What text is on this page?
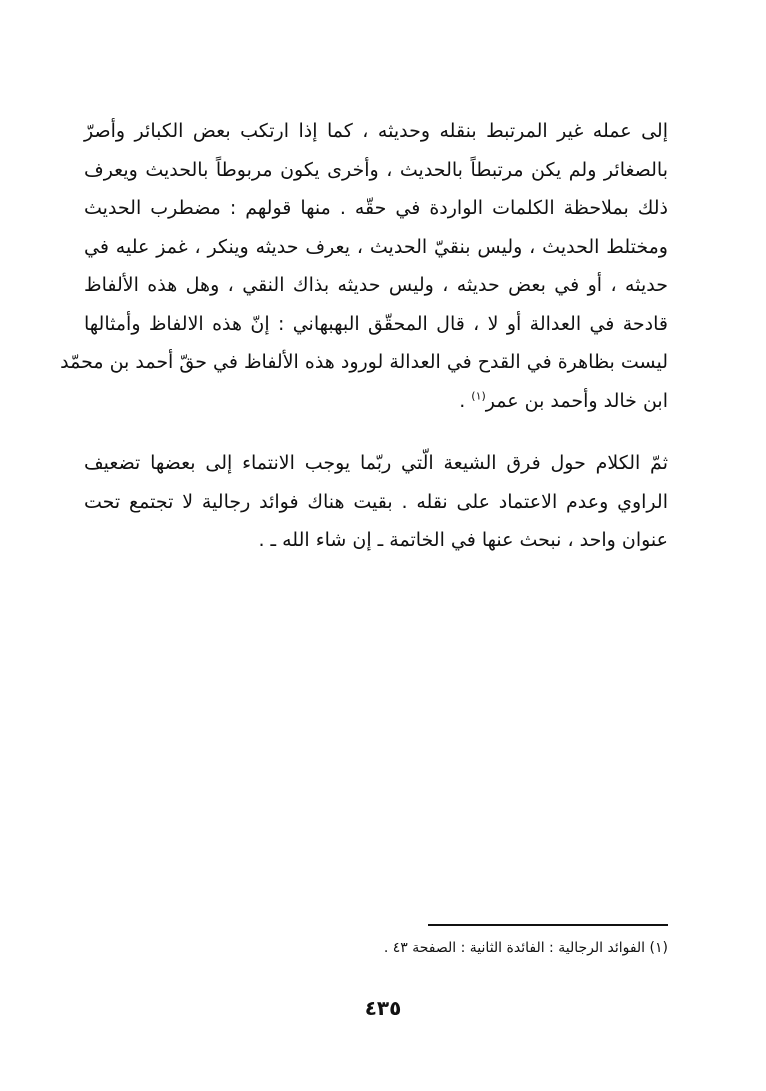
إلى عمله غير المرتبط بنقله وحديثه ، كما إذا ارتكب بعض الكبائر وأصرّ
بالصغائر ولم يكن مرتبطاً بالحديث ، وأخرى يكون مربوطاً بالحديث ويعرف
ذلك بملاحظة الكلمات الواردة في حقّه . منها قولهم : مضطرب الحديث
ومختلط الحديث ، وليس بنقيّ الحديث ، يعرف حديثه وينكر ، غمز عليه في
حديثه ، أو في بعض حديثه ، وليس حديثه بذاك النقي ، وهل هذه الألفاظ
قادحة في العدالة أو لا ، قال المحقّق البهبهاني : إنّ هذه الالفاظ وأمثالها
ليست بظاهرة في القدح في العدالة لورود هذه الألفاظ في حقّ أحمد بن محمّد
ابن خالد وأحمد بن عمر$^{(١)}$ .

ثمّ الكلام حول فرق الشيعة الّتي ربّما يوجب الانتماء إلى بعضها تضعيف
الراوي وعدم الاعتماد على نقله . بقيت هناك فوائد رجالية لا تجتمع تحت
عنوان واحد ، نبحث عنها في الخاتمة ـ إن شاء الله ـ .

(١) الفوائد الرجالية : الفائدة الثانية : الصفحة ٤٣ .
٤٣٥
